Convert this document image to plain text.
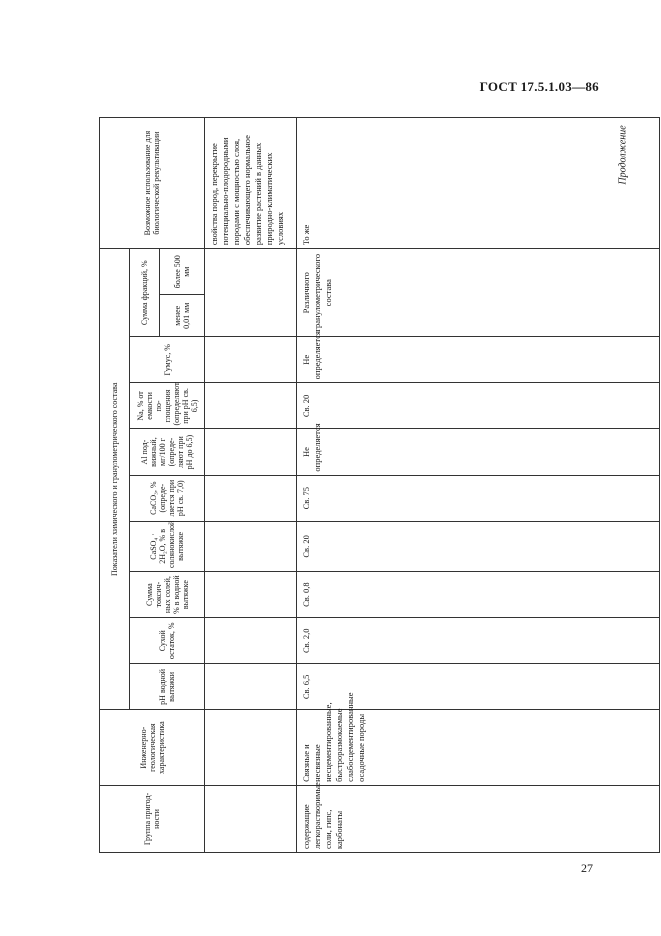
ГОСТ 17.5.1.03—86
Продолжение
Группа пригод-ности	Инженерно-геологическая характеристика	Показатели химического и гранулометрического состава										Возможное использование для биологической рекультивации
		pH водной вытяжки	Сухой остаток, %	Сумма токсич-ных солей, % в водной вытяжке	CaSO₄ · 2H₂O, % в солянокислой вытяжке	CaCO₃, % (опреде-ляется при pH св. 7,0)	Al под-вижный, мг/100 г (опреде-ляют при pH до 6,5)	Na, % от емкости по-глощения (определяют при pH св. 6,5)	Гумус, %	Сумма фракций, %		
										менее 0,01 мм	более 500 мм	
												свойства пород, перекрытие потенциально-плодородными породами с мощностью слоя, обеспечивающего нормальное развитие растений в данных природно-климатических условиях
содержащие легкорастворимые соли, гипс, карбонаты	Связные и несвязные несцементированные, быстроразмокаемые слабосцементированные осадочные породы	Св. 6,5	Св. 2,0	Св. 0,8	Св. 20	Св. 75	Не определяется	Св. 20	Не определяется	Различного гранулометрического состава		То же
27
